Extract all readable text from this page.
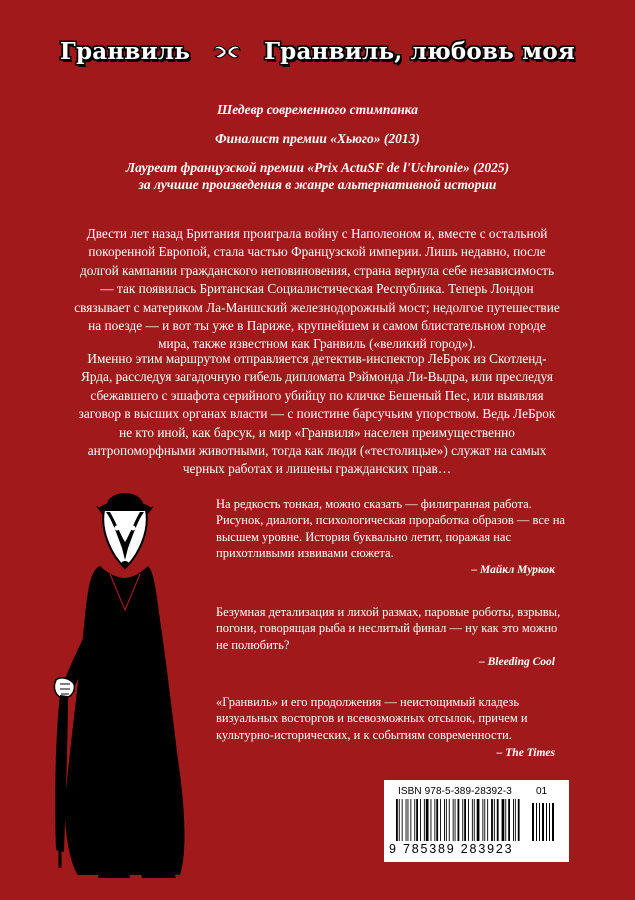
Гранвиль	Гранвиль, любовь моя
Шедевр современного стимпанка
Финалист премии «Хьюго» (2013)
Лауреат французской премии «Prix ActuSF de l'Uchronie» (2025)
за лучшие произведения в жанре альтернативной истории
Двести лет назад Британия проиграла войну с Наполеоном и, вместе с остальной покоренной Европой, стала частью Французской империи. Лишь недавно, после долгой кампании гражданского неповиновения, страна вернула себе независимость — так появилась Британская Социалистическая Республика. Теперь Лондон связывает с материком Ла-Маншский железнодорожный мост; недолгое путешествие на поезде — и вот ты уже в Париже, крупнейшем и самом блистательном городе мира, также известном как Гранвиль («великий город»).
Именно этим маршрутом отправляется детектив-инспектор ЛеБрок из Скотленд-Ярда, расследуя загадочную гибель дипломата Рэймонда Ли-Выдра, или преследуя сбежавшего с эшафота серийного убийцу по кличке Бешеный Пес, или выявляя заговор в высших органах власти — с поистине барсучьим упорством. Ведь ЛеБрок не кто иной, как барсук, и мир «Гранвиля» населен преимущественно антропоморфными животными, тогда как люди («тестолицые») служат на самых черных работах и лишены гражданских прав…
На редкость тонкая, можно сказать — филигранная работа. Рисунок, диалоги, психологическая проработка образов — все на высшем уровне. История буквально летит, поражая нас прихотливыми извивами сюжета.
– Майкл Муркок
Безумная детализация и лихой размах, паровые роботы, взрывы, погони, говорящая рыба и неслитый финал — ну как это можно не полюбить?
– Bleeding Cool
«Гранвиль» и его продолжения — неистощимый кладезь визуальных восторгов и всевозможных отсылок, причем и культурно-исторических, и к событиям современности.
– The Times
ISBN 978-5-389-28392-3 01
9 785389 283923
